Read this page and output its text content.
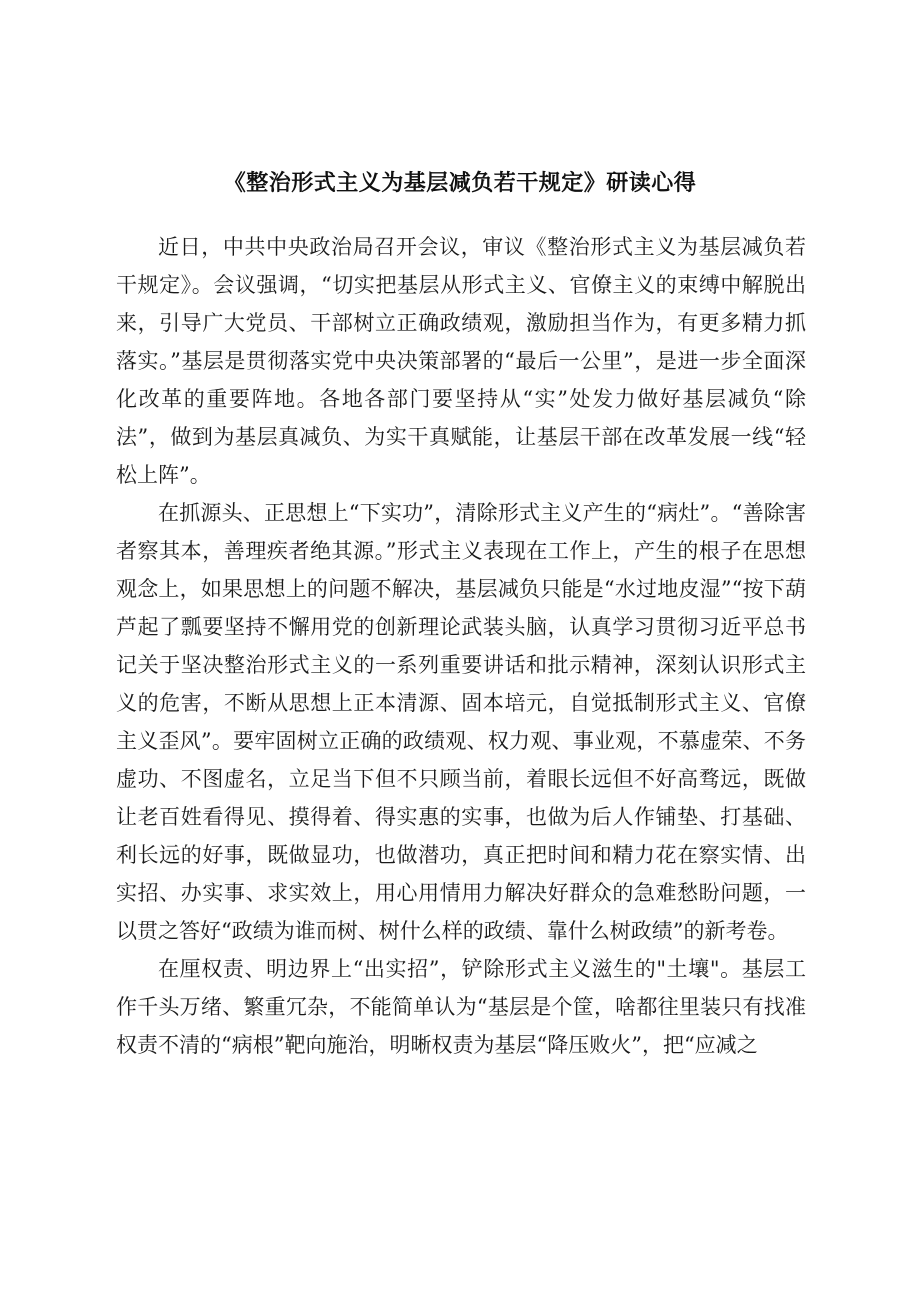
《整治形式主义为基层减负若干规定》研读心得

近日，中共中央政治局召开会议，审议《整治形式主义为基层减负若干规定》。会议强调，“切实把基层从形式主义、官僚主义的束缚中解脱出来，引导广大党员、干部树立正确政绩观，激励担当作为，有更多精力抓落实。”基层是贯彻落实党中央决策部署的“最后一公里”，是进一步全面深化改革的重要阵地。各地各部门要坚持从“实”处发力做好基层减负“除法”，做到为基层真减负、为实干真赋能，让基层干部在改革发展一线“轻松上阵”。

在抓源头、正思想上“下实功”，清除形式主义产生的“病灶”。“善除害者察其本，善理疾者绝其源。”形式主义表现在工作上，产生的根子在思想观念上，如果思想上的问题不解决，基层减负只能是“水过地皮湿”“按下葫芦起了瓢要坚持不懈用党的创新理论武装头脑，认真学习贯彻习近平总书记关于坚决整治形式主义的一系列重要讲话和批示精神，深刻认识形式主义的危害，不断从思想上正本清源、固本培元，自觉抵制形式主义、官僚主义歪风”。要牢固树立正确的政绩观、权力观、事业观，不慕虚荣、不务虚功、不图虚名，立足当下但不只顾当前，着眼长远但不好高骛远，既做让老百姓看得见、摸得着、得实惠的实事，也做为后人作铺垫、打基础、利长远的好事，既做显功，也做潜功，真正把时间和精力花在察实情、出实招、办实事、求实效上，用心用情用力解决好群众的急难愁盼问题，一以贯之答好“政绩为谁而树、树什么样的政绩、靠什么树政绩”的新考卷。

在厘权责、明边界上“出实招”，铲除形式主义滋生的"土壤"。基层工作千头万绪、繁重冗杂，不能简单认为“基层是个筐，啥都往里装只有找准权责不清的“病根”靶向施治，明晰权责为基层“降压败火”，把“应减之
